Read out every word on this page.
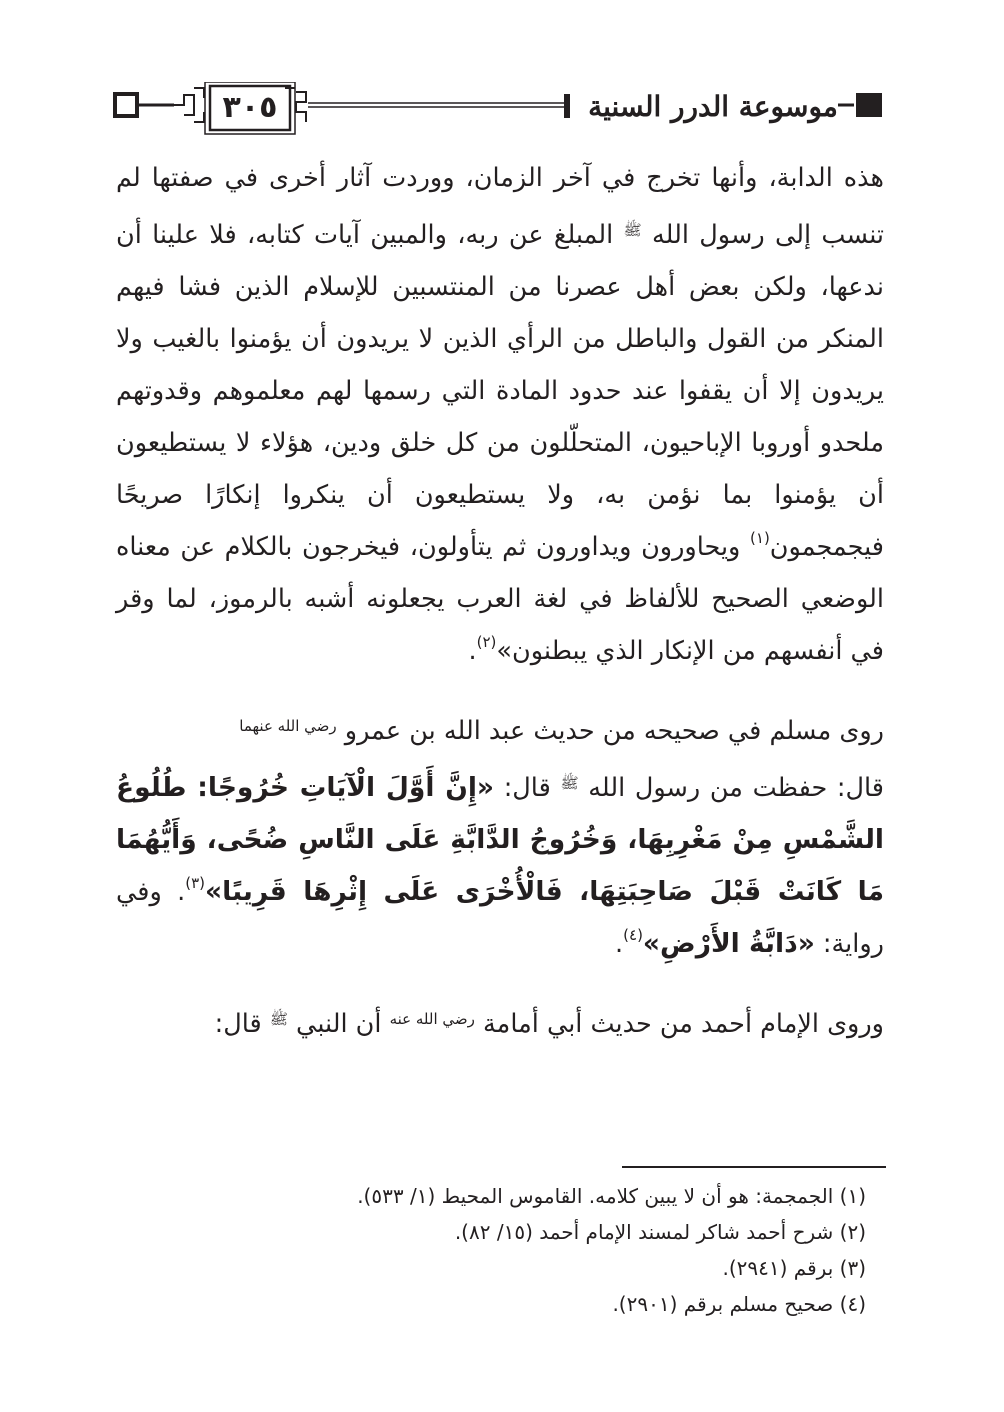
٣٠٥	موسوعة الدرر السنية

هذه الدابة، وأنها تخرج في آخر الزمان، ووردت آثار أخرى في صفتها لم تنسب إلى رسول الله $^ﷺ$ المبلغ عن ربه، والمبين آيات كتابه، فلا علينا أن ندعها، ولكن بعض أهل عصرنا من المنتسبين للإسلام الذين فشا فيهم المنكر من القول والباطل من الرأي الذين لا يريدون أن يؤمنوا بالغيب ولا يريدون إلا أن يقفوا عند حدود المادة التي رسمها لهم معلموهم وقدوتهم ملحدو أوروبا الإباحيون، المتحلّلون من كل خلق ودين، هؤلاء لا يستطيعون أن يؤمنوا بما نؤمن به، ولا يستطيعون أن ينكروا إنكارًا صريحًا فيجمجمون$^{(١)}$ ويحاورون ويداورون ثم يتأولون، فيخرجون بالكلام عن معناه الوضعي الصحيح للألفاظ في لغة العرب يجعلونه أشبه بالرموز، لما وقر في أنفسهم من الإنكار الذي يبطنون»$^{(٢)}$.

روى مسلم في صحيحه من حديث عبد الله بن عمرو $^{رضي الله عنهما}$
قال: حفظت من رسول الله $^ﷺ$ قال: «إِنَّ أَوَّلَ الْآيَاتِ خُرُوجًا: طُلُوعُ الشَّمْسِ مِنْ مَغْرِبِهَا، وَخُرُوجُ الدَّابَّةِ عَلَى النَّاسِ ضُحًى، وَأَيُّهُمَا مَا كَانَتْ قَبْلَ صَاحِبَتِهَا، فَالْأُخْرَى عَلَى إِثْرِهَا قَرِيبًا»$^{(٣)}$. وفي رواية: «دَابَّةُ الأَرْضِ»$^{(٤)}$.

وروى الإمام أحمد من حديث أبي أمامة $^{رضي الله عنه}$ أن النبي $^ﷺ$ قال:

(١) الجمجمة: هو أن لا يبين كلامه. القاموس المحيط (١/ ٥٣٣).
(٢) شرح أحمد شاكر لمسند الإمام أحمد (١٥/ ٨٢).
(٣) برقم (٢٩٤١).
(٤) صحيح مسلم برقم (٢٩٠١).
